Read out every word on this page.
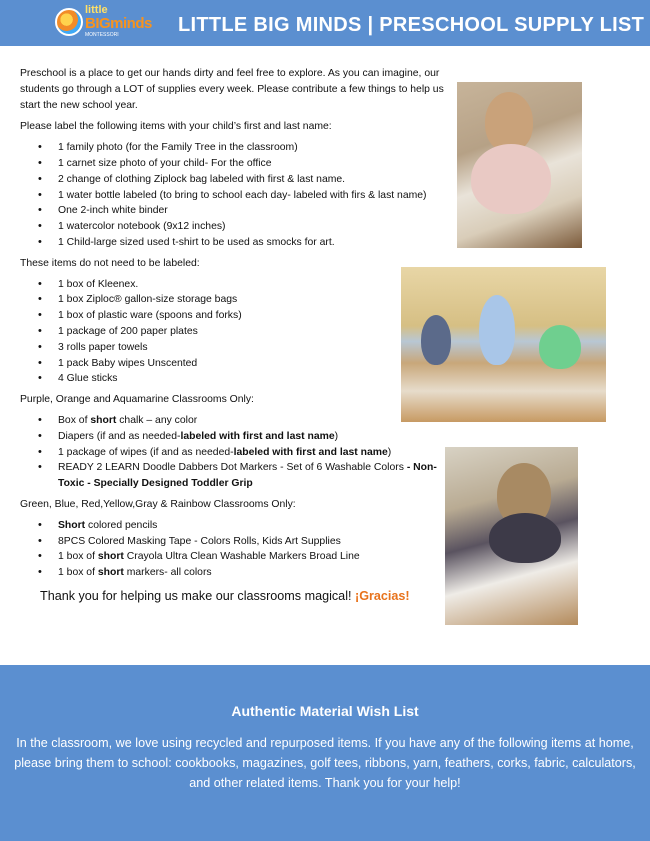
little
BIGminds
MONTESSORI	LITTLE BIG MINDS | PRESCHOOL SUPPLY LIST
Preschool is a place to get our hands dirty and feel free to explore. As you can imagine, our students go through a LOT of supplies every week. Please contribute a few things to help us start the new school year.
Please label the following items with your child’s first and last name:
• 1 family photo (for the Family Tree in the classroom)
• 1 carnet size photo of your child- For the office
• 2 change of clothing Ziplock bag labeled with first & last name.
• 1 water bottle labeled (to bring to school each day- labeled with firs & last name)
• One 2-inch white binder
• 1 watercolor notebook (9x12 inches)
• 1 Child-large sized used t-shirt to be used as smocks for art.
These items do not need to be labeled:
• 1 box of Kleenex.
• 1 box Ziploc® gallon-size storage bags
• 1 box of plastic ware (spoons and forks)
• 1 package of 200 paper plates
• 3 rolls paper towels
• 1 pack Baby wipes Unscented
• 4 Glue sticks
Purple, Orange and Aquamarine Classrooms Only:
• Box of short chalk – any color
• Diapers (if and as needed-labeled with first and last name)
• 1 package of wipes (if and as needed-labeled with first and last name)
• READY 2 LEARN Doodle Dabbers Dot Markers - Set of 6 Washable Colors - Non-Toxic - Specially Designed Toddler Grip
Green, Blue, Red,Yellow,Gray & Rainbow Classrooms Only:
• Short colored pencils
• 8PCS Colored Masking Tape - Colors Rolls, Kids Art Supplies
• 1 box of short Crayola Ultra Clean Washable Markers Broad Line
• 1 box of short markers- all colors
Thank you for helping us make our classrooms magical! ¡Gracias!
Authentic Material Wish List
In the classroom, we love using recycled and repurposed items. If you have any of the following items at home, please bring them to school: cookbooks, magazines, golf tees, ribbons, yarn, feathers, corks, fabric, calculators, and other related items. Thank you for your help!
